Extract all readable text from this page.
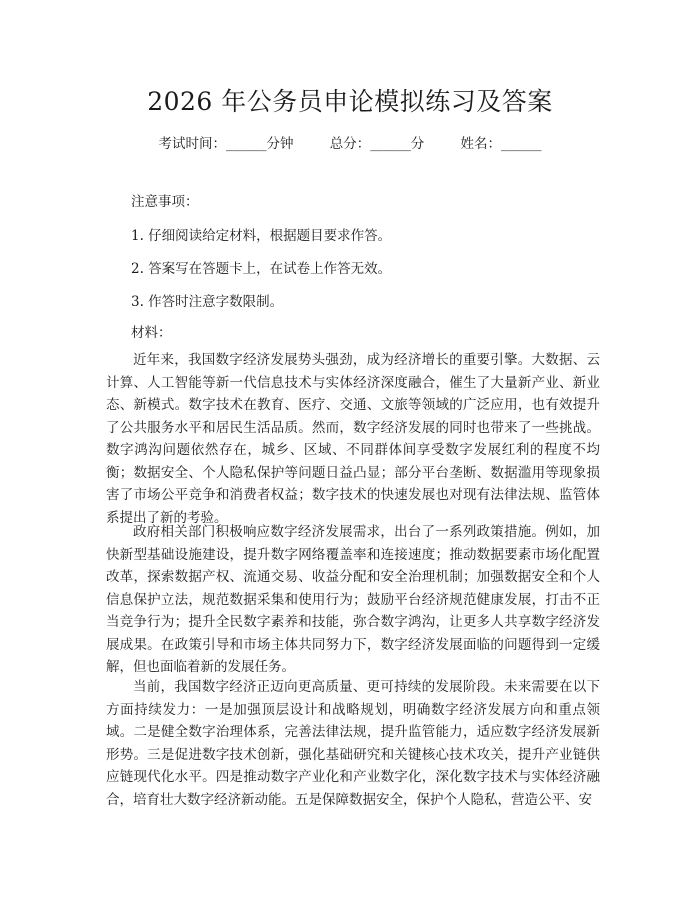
2026 年公务员申论模拟练习及答案
考试时间：______分钟	总分：______分	姓名：______
注意事项：
1. 仔细阅读给定材料，根据题目要求作答。
2. 答案写在答题卡上，在试卷上作答无效。
3. 作答时注意字数限制。
材料：

近年来，我国数字经济发展势头强劲，成为经济增长的重要引擎。大数据、云计算、人工智能等新一代信息技术与实体经济深度融合，催生了大量新产业、新业态、新模式。数字技术在教育、医疗、交通、文旅等领域的广泛应用，也有效提升了公共服务水平和居民生活品质。然而，数字经济发展的同时也带来了一些挑战。数字鸿沟问题依然存在，城乡、区域、不同群体间享受数字发展红利的程度不均衡；数据安全、个人隐私保护等问题日益凸显；部分平台垄断、数据滥用等现象损害了市场公平竞争和消费者权益；数字技术的快速发展也对现有法律法规、监管体系提出了新的考验。

政府相关部门积极响应数字经济发展需求，出台了一系列政策措施。例如，加快新型基础设施建设，提升数字网络覆盖率和连接速度；推动数据要素市场化配置改革，探索数据产权、流通交易、收益分配和安全治理机制；加强数据安全和个人信息保护立法，规范数据采集和使用行为；鼓励平台经济规范健康发展，打击不正当竞争行为；提升全民数字素养和技能，弥合数字鸿沟，让更多人共享数字经济发展成果。在政策引导和市场主体共同努力下，数字经济发展面临的问题得到一定缓解，但也面临着新的发展任务。

当前，我国数字经济正迈向更高质量、更可持续的发展阶段。未来需要在以下方面持续发力：一是加强顶层设计和战略规划，明确数字经济发展方向和重点领域。二是健全数字治理体系，完善法律法规，提升监管能力，适应数字经济发展新形势。三是促进数字技术创新，强化基础研究和关键核心技术攻关，提升产业链供应链现代化水平。四是推动数字产业化和产业数字化，深化数字技术与实体经济融合，培育壮大数字经济新动能。五是保障数据安全，保护个人隐私，营造公平、安
